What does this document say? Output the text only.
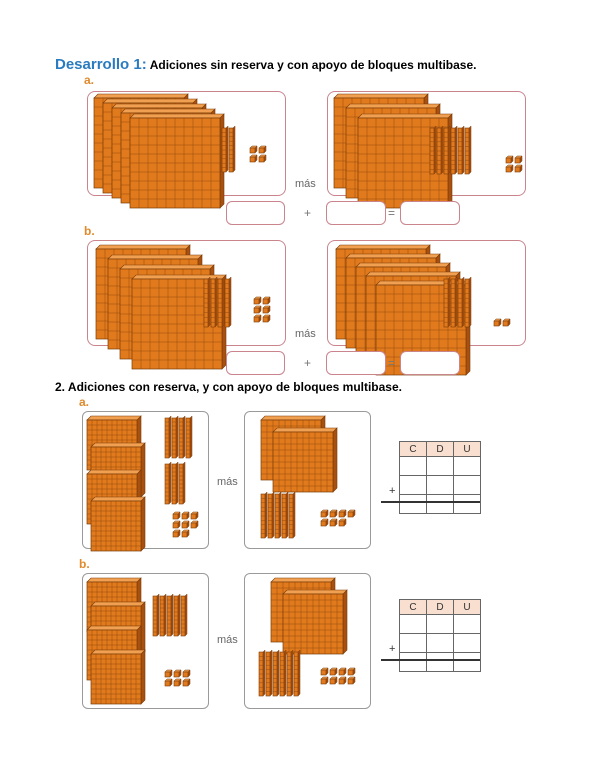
Desarrollo 1: Adiciones sin reserva y con apoyo de bloques multibase.
a.
más
+	=
b.
más
+	=
2. Adiciones con reserva, y con apoyo de bloques multibase.
a.
más
C	D	U

+
b.
más
C	D	U

+
